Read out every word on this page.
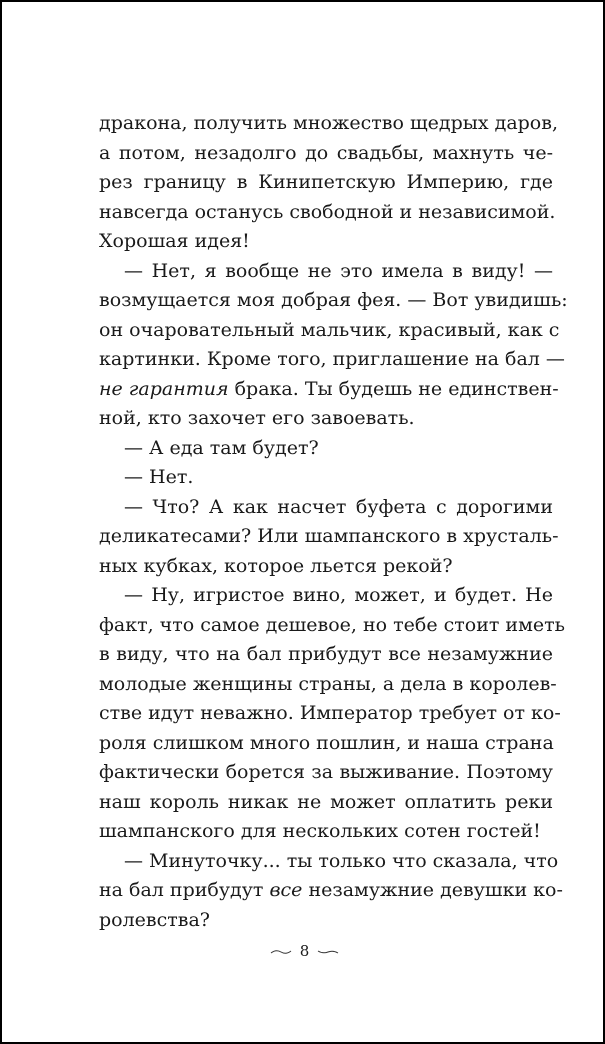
дракона, получить множество щедрых даров,
а потом, незадолго до свадьбы, махнуть че-
рез границу в Кинипетскую Империю, где
навсегда останусь свободной и независимой.
Хорошая идея!
— Нет, я вообще не это имела в виду! —
возмущается моя добрая фея. — Вот увидишь:
он очаровательный мальчик, красивый, как с
картинки. Кроме того, приглашение на бал —
не гарантия брака. Ты будешь не единствен-
ной, кто захочет его завоевать.
— А еда там будет?
— Нет.
— Что? А как насчет буфета с дорогими
деликатесами? Или шампанского в хрусталь-
ных кубках, которое льется рекой?
— Ну, игристое вино, может, и будет. Не
факт, что самое дешевое, но тебе стоит иметь
в виду, что на бал прибудут все незамужние
молодые женщины страны, а дела в королев-
стве идут неважно. Император требует от ко-
роля слишком много пошлин, и наша страна
фактически борется за выживание. Поэтому
наш король никак не может оплатить реки
шампанского для нескольких сотен гостей!
— Минуточку... ты только что сказала, что
на бал прибудут все незамужние девушки ко-
ролевства?
8
